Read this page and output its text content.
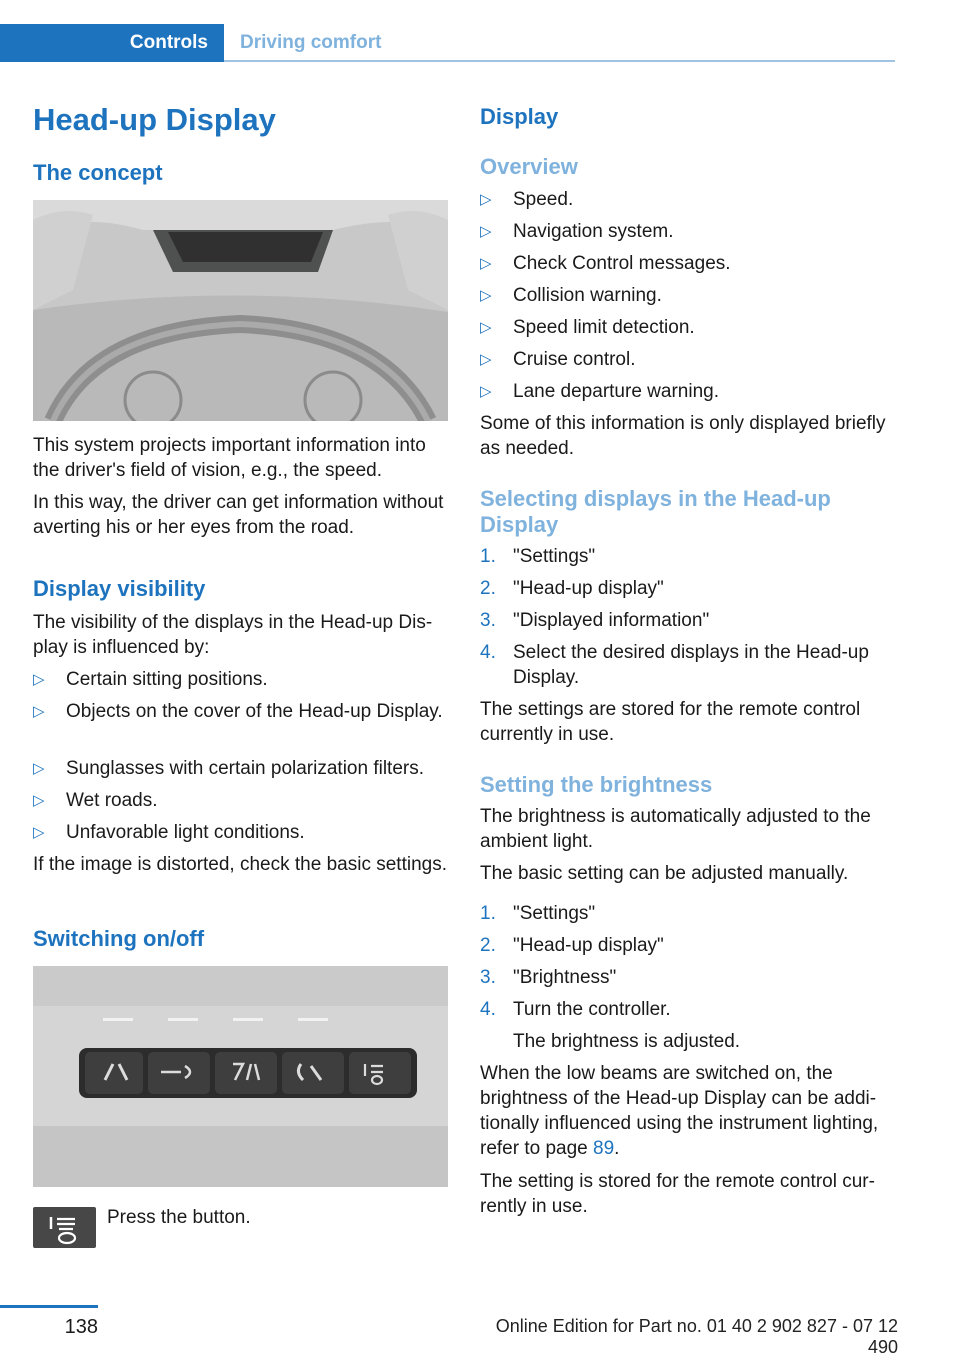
Controls	Driving comfort
Head-up Display
The concept

This system projects important information into the driver's field of vision, e.g., the speed.

In this way, the driver can get information without averting his or her eyes from the road.

Display visibility

The visibility of the displays in the Head-up Display is influenced by:

▷ Certain sitting positions.
▷ Objects on the cover of the Head-up Display.
▷ Sunglasses with certain polarization filters.
▷ Wet roads.
▷ Unfavorable light conditions.

If the image is distorted, check the basic settings.

Switching on/off

Press the button.

Display
Overview
▷ Speed.
▷ Navigation system.
▷ Check Control messages.
▷ Collision warning.
▷ Speed limit detection.
▷ Cruise control.
▷ Lane departure warning.

Some of this information is only displayed briefly as needed.

Selecting displays in the Head-up Display
1. "Settings"
2. "Head-up display"
3. "Displayed information"
4. Select the desired displays in the Head-up Display.

The settings are stored for the remote control currently in use.

Setting the brightness

The brightness is automatically adjusted to the ambient light.

The basic setting can be adjusted manually.

1. "Settings"
2. "Head-up display"
3. "Brightness"
4. Turn the controller.

The brightness is adjusted.

When the low beams are switched on, the brightness of the Head-up Display can be additionally influenced using the instrument lighting, refer to page 89.

The setting is stored for the remote control currently in use.

138	Online Edition for Part no. 01 40 2 902 827 - 07 12 490
